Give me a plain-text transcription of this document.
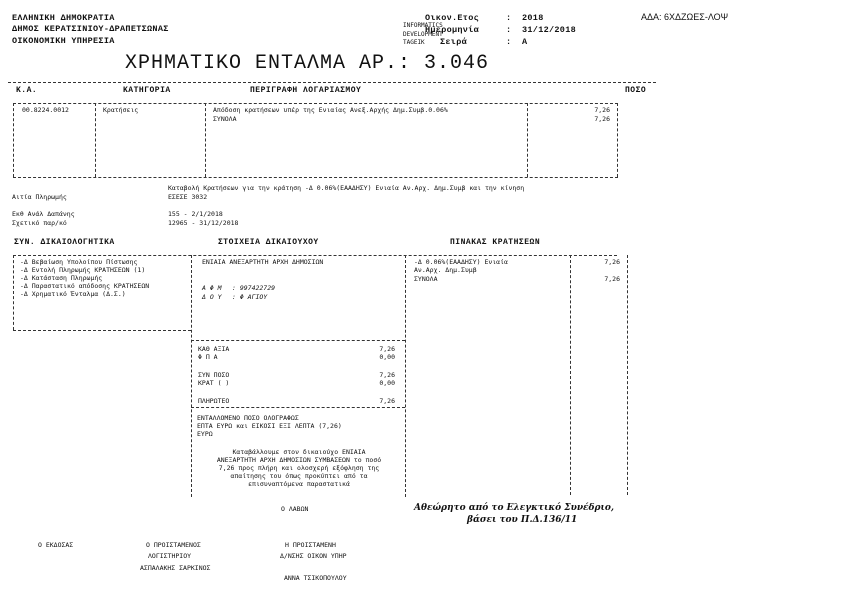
ΕΛΛΗΝΙΚΗ ΔΗΜΟΚΡΑΤΙΑ
ΔΗΜΟΣ ΚΕΡΑΤΣΙΝΙΟΥ-ΔΡΑΠΕΤΣΩΝΑΣ
ΟΙΚΟΝΟΜΙΚΗ ΥΠΗΡΕΣΙΑ
Οικον.Ετος	: 2018
INFORMATICS
DEVELOPMENT
TAGEIK
Ημερομηνία	: 31/12/2018
Σειρά	: Α
ΑΔΑ: 6ΧΔΖΩΕΣ-ΛΟΨ
ΧΡΗΜΑΤΙΚΟ ΕΝΤΑΛΜΑ ΑΡ.: 3.046
Κ.Α.	ΚΑΤΗΓΟΡΙΑ	ΠΕΡΙΓΡΑΦΗ ΛΟΓΑΡΙΑΣΜΟΥ	ΠΟΣΟ
00.8224.0012	Κρατήσεις	Απόδοση κρατήσεων υπέρ της Ενιαίας Ανεξ.Αρχής Δημ.Συμβ.0.06%	7,26
ΣΥΝΟΛΑ	7,26
Καταβολή Κρατήσεων για την κράτηση -Δ 0.06%(ΕΑΑΔΗΣΥ) Ενιαία Αν.Αρχ. Δημ.Συμβ και την κίνηση
Αιτία Πληρωμής	ΕΣΕΣΕ 3032
Εκθ Ανάλ Δαπάνης	155 - 2/1/2018
Σχετικό παρ/κό	12965 - 31/12/2018
ΣΥΝ. ΔΙΚΑΙΟΛΟΓΗΤΙΚΑ	ΣΤΟΙΧΕΙΑ ΔΙΚΑΙΟΥΧΟΥ	ΠΙΝΑΚΑΣ ΚΡΑΤΗΣΕΩΝ
-Δ Βεβαίωση Υπολοίπου Πίστωσης
-Δ Εντολή Πληρωμής ΚΡΑΤΗΣΕΩΝ (1)
-Δ Κατάσταση Πληρωμής
-Δ Παραστατικό απόδοσης ΚΡΑΤΗΣΕΩΝ
-Δ Χρηματικό Ένταλμα (Δ.Σ.)
ΕΝΙΑΙΑ ΑΝΕΞΑΡΤΗΤΗ ΑΡΧΗ ΔΗΜΟΣΙΩΝ
Α Φ Μ : 997422729
Δ Ο Υ : Φ ΑΓΙΟΥ
ΚΑΘ ΑΞΙΑ	7,26
Φ Π Α	0,00
ΣΥΝ ΠΟΣΟ	7,26
ΚΡΑΤ ( )	0,00
ΠΛΗΡΩΤΕΟ	7,26
ΕΝΤΑΛΛΟΜΕΝΟ ΠΟΣΟ ΟΛΟΓΡΑΦΩΣ
ΕΠΤΑ ΕΥΡΩ και ΕΙΚΟΣΙ ΕΞΙ ΛΕΠΤΑ (7,26)
ΕΥΡΩ
Καταβάλλουμε στον δικαιούχο ΕΝΙΑΙΑ
ΑΝΕΞΑΡΤΗΤΗ ΑΡΧΗ ΔΗΜΟΣΙΩΝ ΣΥΜΒΑΣΕΩΝ το ποσό
7,26 προς πλήρη και ολοσχερή εξόφληση της
απαίτησης του όπως προκύπτει από τα
επισυναπτόμενα παραστατικά
Ο ΛΑΒΩΝ
-Δ 0.06%(ΕΑΑΔΗΣΥ) Ενιαία	7,26
Αν.Αρχ. Δημ.Συμβ
ΣΥΝΟΛΑ	7,26
Αθεώρητο από το Ελεγκτικό Συνέδριο,
βάσει του Π.Δ.136/11
Ο ΕΚΔΟΣΑΣ	Ο ΠΡΟΙΣΤΑΜΕΝΟΣ
ΛΟΓΙΣΤΗΡΙΟΥ
ΑΣΠΑΛΑΚΗΣ ΣΑΡΚΙΝΟΣ
Η ΠΡΟΙΣΤΑΜΕΝΗ
Δ/ΝΣΗΣ ΟΙΚΟΝ ΥΠΗΡ
ΑΝΝΑ ΤΣΙΚΟΠΟΥΛΟΥ
